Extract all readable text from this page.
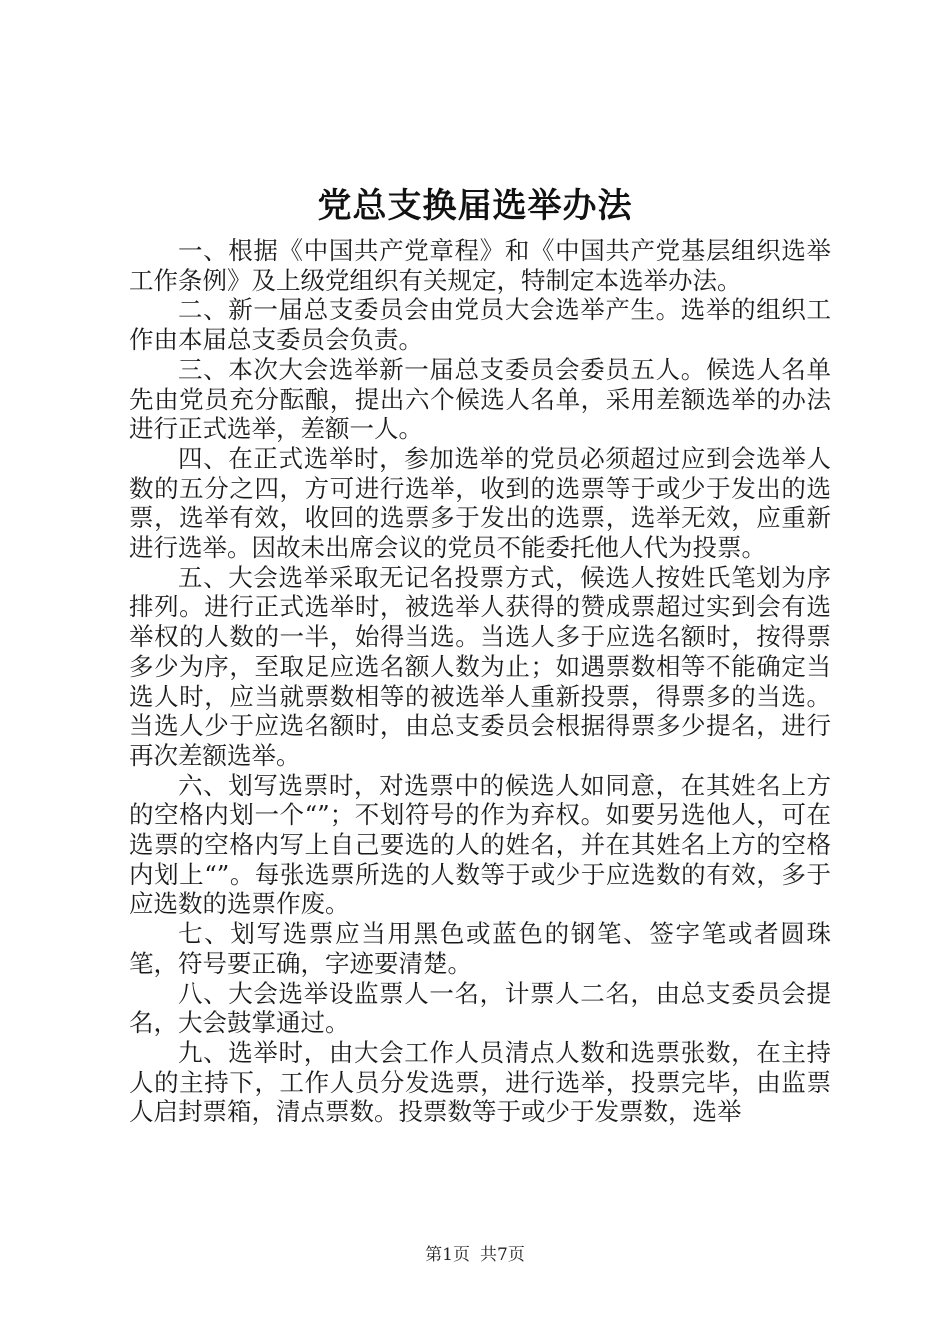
党总支换届选举办法

一、根据《中国共产党章程》和《中国共产党基层组织选举工作条例》及上级党组织有关规定，特制定本选举办法。

二、新一届总支委员会由党员大会选举产生。选举的组织工作由本届总支委员会负责。

三、本次大会选举新一届总支委员会委员五人。候选人名单先由党员充分酝酿，提出六个候选人名单，采用差额选举的办法进行正式选举，差额一人。

四、在正式选举时，参加选举的党员必须超过应到会选举人数的五分之四，方可进行选举，收到的选票等于或少于发出的选票，选举有效，收回的选票多于发出的选票，选举无效，应重新进行选举。因故未出席会议的党员不能委托他人代为投票。

五、大会选举采取无记名投票方式，候选人按姓氏笔划为序排列。进行正式选举时，被选举人获得的赞成票超过实到会有选举权的人数的一半，始得当选。当选人多于应选名额时，按得票多少为序，至取足应选名额人数为止；如遇票数相等不能确定当选人时，应当就票数相等的被选举人重新投票，得票多的当选。当选人少于应选名额时，由总支委员会根据得票多少提名，进行再次差额选举。

六、划写选票时，对选票中的候选人如同意，在其姓名上方的空格内划一个“”；不划符号的作为弃权。如要另选他人，可在选票的空格内写上自己要选的人的姓名，并在其姓名上方的空格内划上“”。每张选票所选的人数等于或少于应选数的有效，多于应选数的选票作废。

七、划写选票应当用黑色或蓝色的钢笔、签字笔或者圆珠笔，符号要正确，字迹要清楚。

八、大会选举设监票人一名，计票人二名，由总支委员会提名，大会鼓掌通过。

九、选举时，由大会工作人员清点人数和选票张数，在主持人的主持下，工作人员分发选票，进行选举，投票完毕，由监票人启封票箱，清点票数。投票数等于或少于发票数，选举

第1页 共7页
